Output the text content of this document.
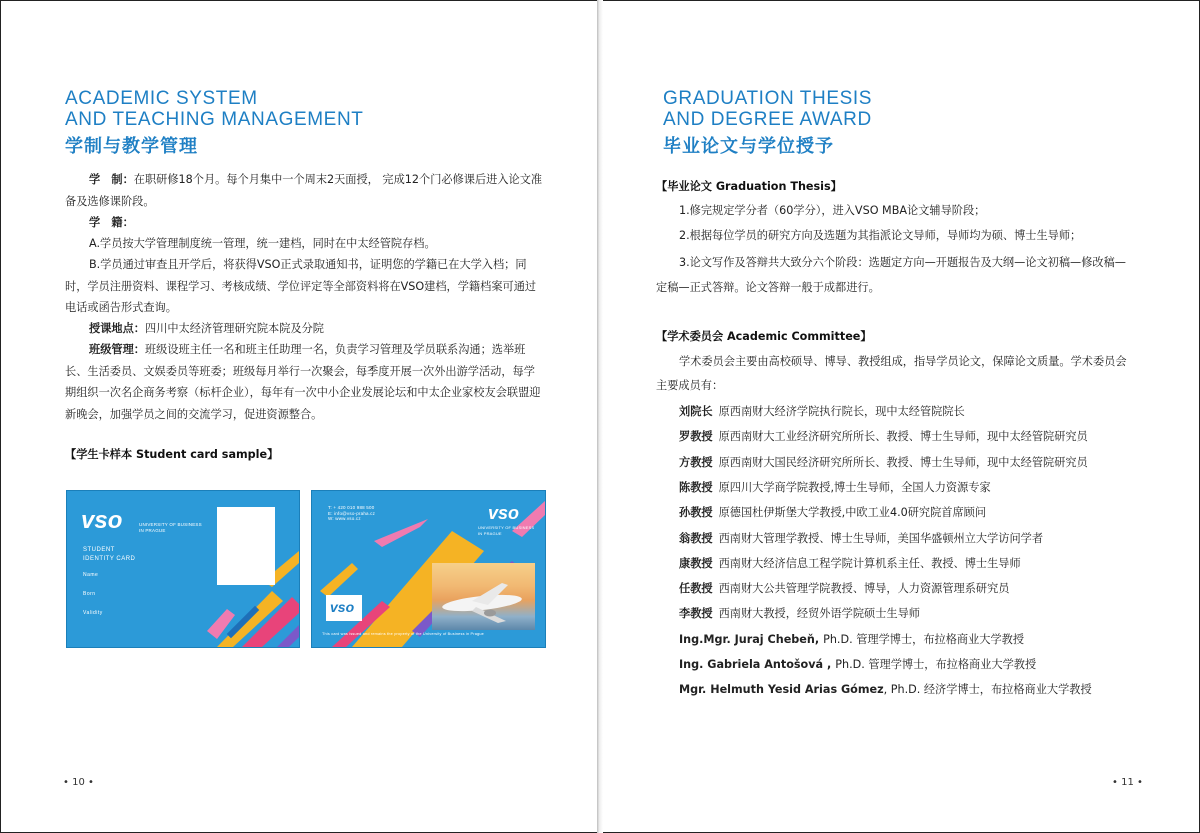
ACADEMIC SYSTEM
AND TEACHING MANAGEMENT
学制与教学管理
学　制：在职研修18个月。每个月集中一个周末2天面授， 完成12个门必修课后进入论文准备及选修课阶段。
学　籍：
A.学员按大学管理制度统一管理，统一建档，同时在中太经管院存档。
B.学员通过审查且开学后，将获得VSO正式录取通知书，证明您的学籍已在大学入档；同时，学员注册资料、课程学习、考核成绩、学位评定等全部资料将在VSO建档，学籍档案可通过电话或函告形式查询。
授课地点：四川中太经济管理研究院本院及分院
班级管理：班级设班主任一名和班主任助理一名，负责学习管理及学员联系沟通；选举班长、生活委员、文娱委员等班委；班级每月举行一次聚会，每季度开展一次外出游学活动，每学期组织一次名企商务考察（标杆企业），每年有一次中小企业发展论坛和中太企业家校友会联盟迎新晚会，加强学员之间的交流学习，促进资源整合。
【学生卡样本 Student card sample】
vso	UNIVERSITY OF BUSINESS
IN PRAGUE
STUDENT
IDENTITY CARD
Name
Born
Validity
T: + 420 010 988 500
E: info@vso-praha.cz
W: www.vso.cz	vso
UNIVERSITY OF BUSINESS
IN PRAGUE
vso
This card was issued and remains the property of the University of Business in Prague
• 10 •
GRADUATION THESIS
AND DEGREE AWARD
毕业论文与学位授予
【毕业论文 Graduation Thesis】
1.修完规定学分者（60学分），进入VSO MBA论文辅导阶段；
2.根据每位学员的研究方向及选题为其指派论文导师，导师均为硕、博士生导师；
3.论文写作及答辩共大致分六个阶段：选题定方向—开题报告及大纲—论文初稿—修改稿—定稿—正式答辩。论文答辩一般于成都进行。
【学术委员会 Academic Committee】
学术委员会主要由高校硕导、博导、教授组成，指导学员论文，保障论文质量。学术委员会主要成员有：
刘院长 原西南财大经济学院执行院长，现中太经管院院长
罗教授 原西南财大工业经济研究所所长、教授、博士生导师，现中太经管院研究员
方教授 原西南财大国民经济研究所所长、教授、博士生导师，现中太经管院研究员
陈教授 原四川大学商学院教授,博士生导师，全国人力资源专家
孙教授 原德国杜伊斯堡大学教授,中欧工业4.0研究院首席顾问
翁教授 西南财大管理学教授、博士生导师，美国华盛顿州立大学访问学者
康教授 西南财大经济信息工程学院计算机系主任、教授、博士生导师
任教授 西南财大公共管理学院教授、博导，人力资源管理系研究员
李教授 西南财大教授，经贸外语学院硕士生导师
Ing.Mgr. Juraj Chebeň, Ph.D. 管理学博士，布拉格商业大学教授
Ing. Gabriela Antošová , Ph.D. 管理学博士，布拉格商业大学教授
Mgr. Helmuth Yesid Arias Gómez, Ph.D. 经济学博士，布拉格商业大学教授
• 11 •
